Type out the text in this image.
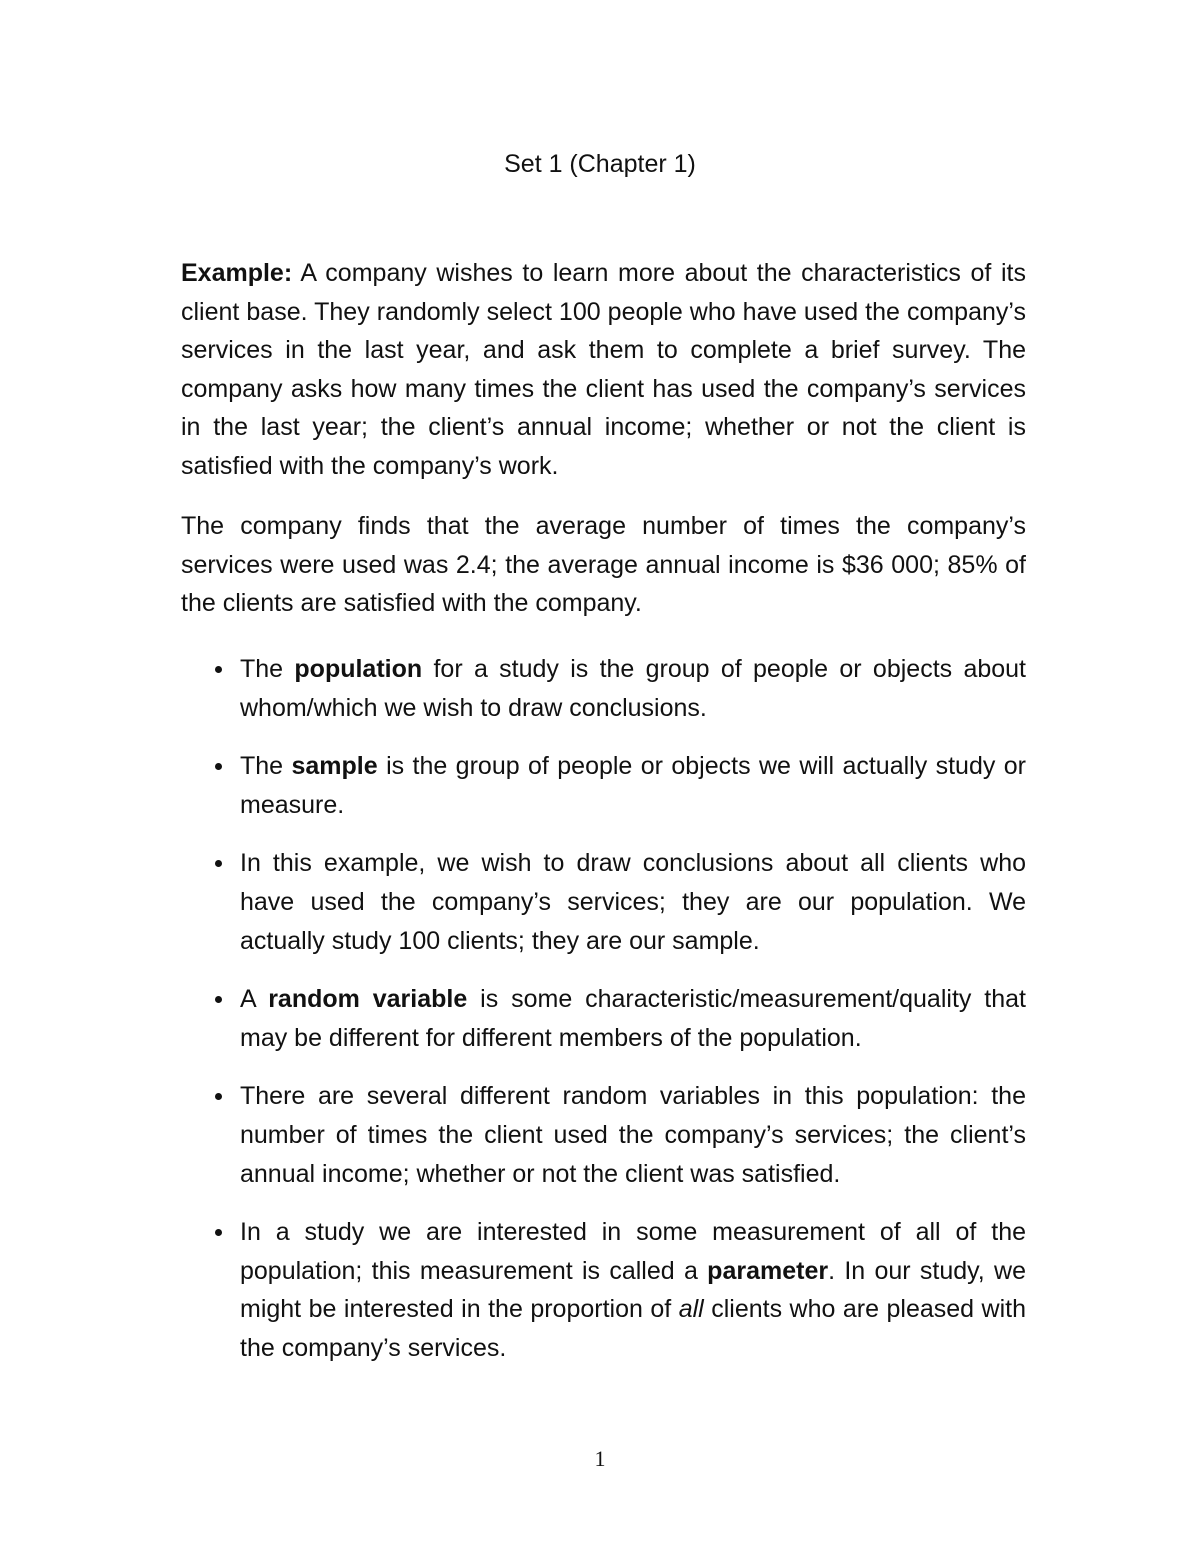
Set 1 (Chapter 1)

Example: A company wishes to learn more about the characteristics of its client base. They randomly select 100 people who have used the company’s services in the last year, and ask them to complete a brief survey. The company asks how many times the client has used the company’s services in the last year; the client’s annual income; whether or not the client is satisfied with the company’s work.

The company finds that the average number of times the company’s services were used was 2.4; the average annual income is $36 000; 85% of the clients are satisfied with the company.

The population for a study is the group of people or objects about whom/which we wish to draw conclusions.
The sample is the group of people or objects we will actually study or measure.
In this example, we wish to draw conclusions about all clients who have used the company’s services; they are our population. We actually study 100 clients; they are our sample.
A random variable is some characteristic/measurement/quality that may be different for different members of the population.
There are several different random variables in this population: the number of times the client used the company’s services; the client’s annual income; whether or not the client was satisfied.
In a study we are interested in some measurement of all of the population; this measurement is called a parameter. In our study, we might be interested in the proportion of all clients who are pleased with the company’s services.
1
